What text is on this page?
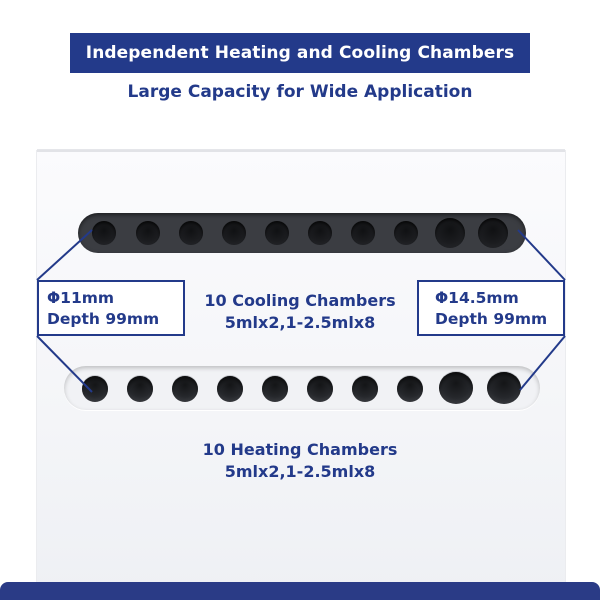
Independent Heating and Cooling Chambers
Large Capacity for Wide Application
Φ11mm
Depth 99mm
Φ14.5mm
Depth 99mm
10 Cooling Chambers
5mlx2,1-2.5mlx8
10 Heating Chambers
5mlx2,1-2.5mlx8
